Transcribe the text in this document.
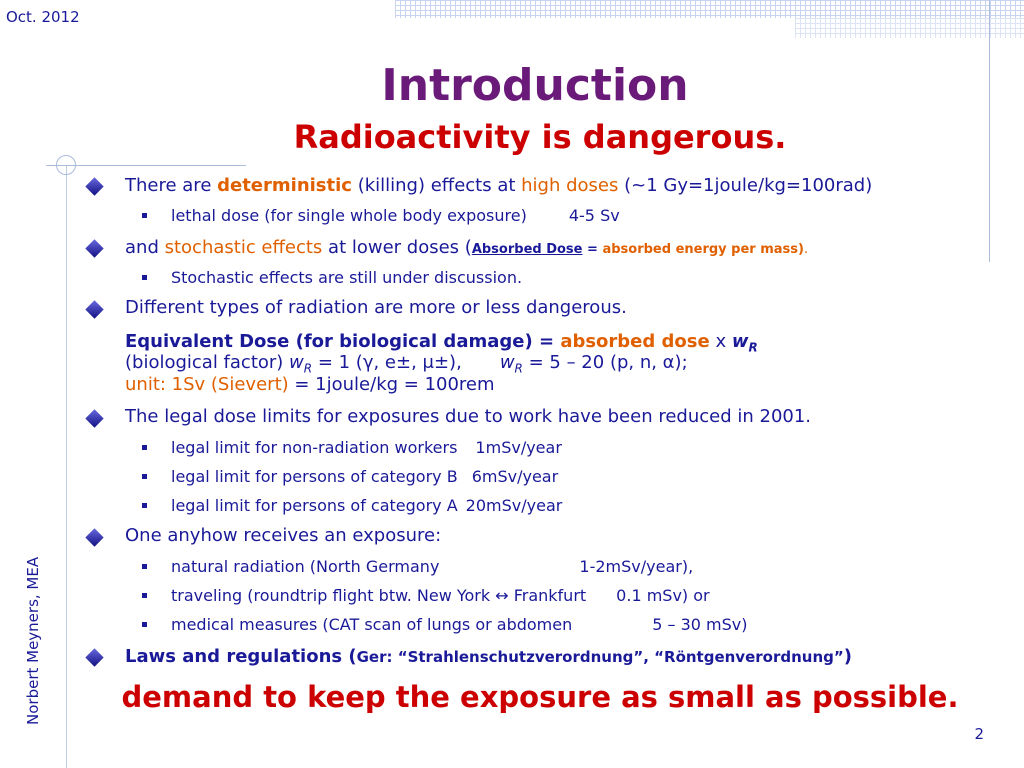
Oct. 2012
Norbert Meyners, MEA
2
Introduction
Radioactivity is dangerous.
There are deterministic (killing) effects at high doses (~1 Gy=1joule/kg=100rad)
lethal dose (for single whole body exposure)	4-5 Sv
and stochastic effects at lower doses (Absorbed Dose = absorbed energy per mass).
Stochastic effects are still under discussion.
Different types of radiation are more or less dangerous.
Equivalent Dose (for biological damage) = absorbed dose x $w_R$
(biological factor) $w_R = 1$ (γ, e±, μ±), $w_R = 5 - 20$ (p, n, α);
unit: 1Sv (Sievert) = 1joule/kg = 100rem
The legal dose limits for exposures due to work have been reduced in 2001.
legal limit for non-radiation workers 1mSv/year
legal limit for persons of category B 6mSv/year
legal limit for persons of category A 20mSv/year
One anyhow receives an exposure:
natural radiation (North Germany	1-2mSv/year),
traveling (roundtrip flight btw. New York ↔ Frankfurt 0.1 mSv) or
medical measures (CAT scan of lungs or abdomen	5 – 30 mSv)
Laws and regulations (Ger: “Strahlenschutzverordnung”, “Röntgenverordnung”)
demand to keep the exposure as small as possible.
